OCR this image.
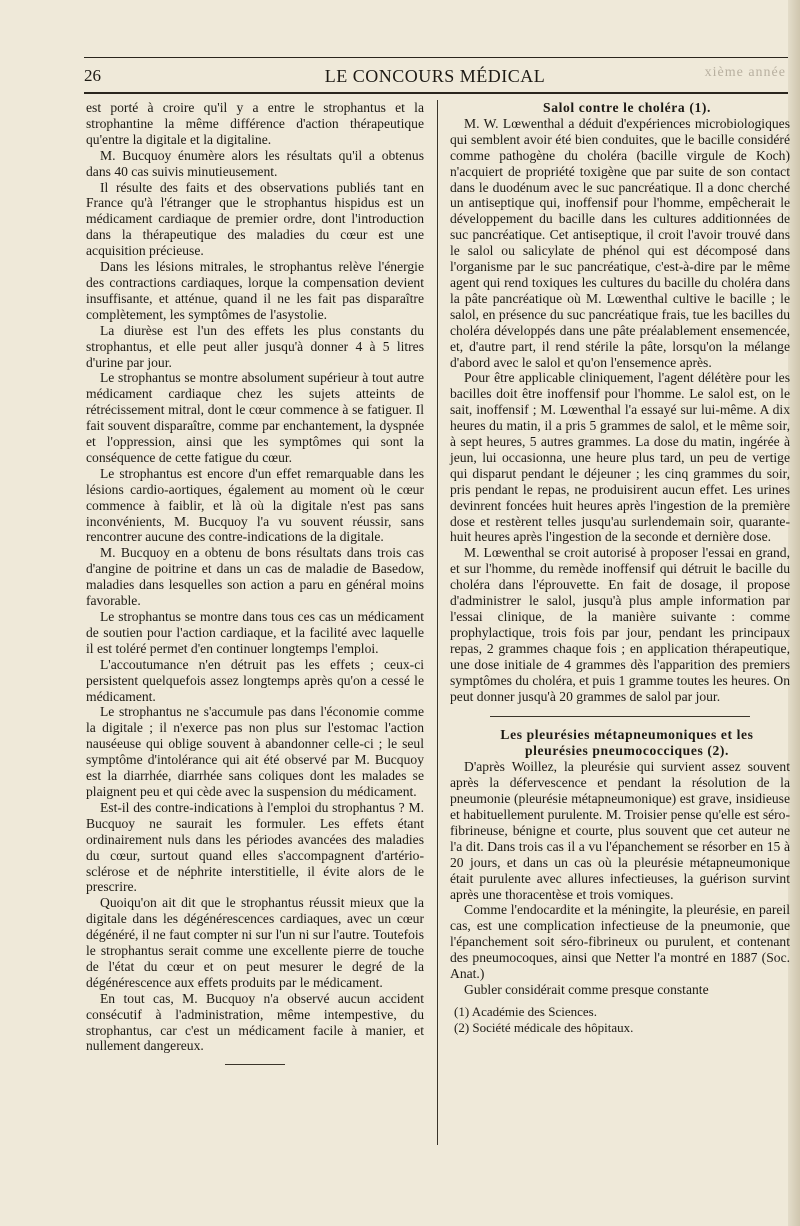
26	LE CONCOURS MÉDICAL	xième année

est porté à croire qu'il y a entre le strophantus et la strophantine la même différence d'action thérapeutique qu'entre la digitale et la digitaline.

M. Bucquoy énumère alors les résultats qu'il a obtenus dans 40 cas suivis minutieusement.

Il résulte des faits et des observations publiés tant en France qu'à l'étranger que le strophantus hispidus est un médicament cardiaque de premier ordre, dont l'introduction dans la thérapeutique des maladies du cœur est une acquisition précieuse.

Dans les lésions mitrales, le strophantus relève l'énergie des contractions cardiaques, lorque la compensation devient insuffisante, et atténue, quand il ne les fait pas disparaître complètement, les symptômes de l'asystolie.

La diurèse est l'un des effets les plus constants du strophantus, et elle peut aller jusqu'à donner 4 à 5 litres d'urine par jour.

Le strophantus se montre absolument supérieur à tout autre médicament cardiaque chez les sujets atteints de rétrécissement mitral, dont le cœur commence à se fatiguer. Il fait souvent disparaître, comme par enchantement, la dyspnée et l'oppression, ainsi que les symptômes qui sont la conséquence de cette fatigue du cœur.

Le strophantus est encore d'un effet remarquable dans les lésions cardio-aortiques, également au moment où le cœur commence à faiblir, et là où la digitale n'est pas sans inconvénients, M. Bucquoy l'a vu souvent réussir, sans rencontrer aucune des contre-indications de la digitale.

M. Bucquoy en a obtenu de bons résultats dans trois cas d'angine de poitrine et dans un cas de maladie de Basedow, maladies dans lesquelles son action a paru en général moins favorable.

Le strophantus se montre dans tous ces cas un médicament de soutien pour l'action cardiaque, et la facilité avec laquelle il est toléré permet d'en continuer longtemps l'emploi.

L'accoutumance n'en détruit pas les effets ; ceux-ci persistent quelquefois assez longtemps après qu'on a cessé le médicament.

Le strophantus ne s'accumule pas dans l'économie comme la digitale ; il n'exerce pas non plus sur l'estomac l'action nauséeuse qui oblige souvent à abandonner celle-ci ; le seul symptôme d'intolérance qui ait été observé par M. Bucquoy est la diarrhée, diarrhée sans coliques dont les malades se plaignent peu et qui cède avec la suspension du médicament.

Est-il des contre-indications à l'emploi du strophantus ? M. Bucquoy ne saurait les formuler. Les effets étant ordinairement nuls dans les périodes avancées des maladies du cœur, surtout quand elles s'accompagnent d'artério-sclérose et de néphrite interstitielle, il évite alors de le prescrire.

Quoiqu'on ait dit que le strophantus réussit mieux que la digitale dans les dégénérescences cardiaques, avec un cœur dégénéré, il ne faut compter ni sur l'un ni sur l'autre. Toutefois le strophantus serait comme une excellente pierre de touche de l'état du cœur et on peut mesurer le degré de la dégénérescence aux effets produits par le médicament.

En tout cas, M. Bucquoy n'a observé aucun accident consécutif à l'administration, même intempestive, du strophantus, car c'est un médicament facile à manier, et nullement dangereux.

Salol contre le choléra (1).

M. W. Lœwenthal a déduit d'expériences microbiologiques qui semblent avoir été bien conduites, que le bacille considéré comme pathogène du choléra (bacille virgule de Koch) n'acquiert de propriété toxigène que par suite de son contact dans le duodénum avec le suc pancréatique. Il a donc cherché un antiseptique qui, inoffensif pour l'homme, empêcherait le développement du bacille dans les cultures additionnées de suc pancréatique. Cet antiseptique, il croit l'avoir trouvé dans le salol ou salicylate de phénol qui est décomposé dans l'organisme par le suc pancréatique, c'est-à-dire par le même agent qui rend toxiques les cultures du bacille du choléra dans la pâte pancréatique où M. Lœwenthal cultive le bacille ; le salol, en présence du suc pancréatique frais, tue les bacilles du choléra développés dans une pâte préalablement ensemencée, et, d'autre part, il rend stérile la pâte, lorsqu'on la mélange d'abord avec le salol et qu'on l'ensemence après.

Pour être applicable cliniquement, l'agent délétère pour les bacilles doit être inoffensif pour l'homme. Le salol est, on le sait, inoffensif ; M. Lœwenthal l'a essayé sur lui-même. A dix heures du matin, il a pris 5 grammes de salol, et le même soir, à sept heures, 5 autres grammes. La dose du matin, ingérée à jeun, lui occasionna, une heure plus tard, un peu de vertige qui disparut pendant le déjeuner ; les cinq grammes du soir, pris pendant le repas, ne produisirent aucun effet. Les urines devinrent foncées huit heures après l'ingestion de la première dose et restèrent telles jusqu'au surlendemain soir, quarante-huit heures après l'ingestion de la seconde et dernière dose.

M. Lœwenthal se croit autorisé à proposer l'essai en grand, et sur l'homme, du remède inoffensif qui détruit le bacille du choléra dans l'éprouvette. En fait de dosage, il propose d'administrer le salol, jusqu'à plus ample information par l'essai clinique, de la manière suivante : comme prophylactique, trois fois par jour, pendant les principaux repas, 2 grammes chaque fois ; en application thérapeutique, une dose initiale de 4 grammes dès l'apparition des premiers symptômes du choléra, et puis 1 gramme toutes les heures. On peut donner jusqu'à 20 grammes de salol par jour.

Les pleurésies métapneumoniques et les

pleurésies pneumococciques (2).

D'après Woillez, la pleurésie qui survient assez souvent après la défervescence et pendant la résolution de la pneumonie (pleurésie métapneumonique) est grave, insidieuse et habituellement purulente. M. Troisier pense qu'elle est séro-fibrineuse, bénigne et courte, plus souvent que cet auteur ne l'a dit. Dans trois cas il a vu l'épanchement se résorber en 15 à 20 jours, et dans un cas où la pleurésie métapneumonique était purulente avec allures infectieuses, la guérison survint après une thoracentèse et trois vomiques.

Comme l'endocardite et la méningite, la pleurésie, en pareil cas, est une complication infectieuse de la pneumonie, que l'épanchement soit séro-fibrineux ou purulent, et contenant des pneumocoques, ainsi que Netter l'a montré en 1887 (Soc. Anat.)

Gubler considérait comme presque constante

(1) Académie des Sciences.
(2) Société médicale des hôpitaux.
